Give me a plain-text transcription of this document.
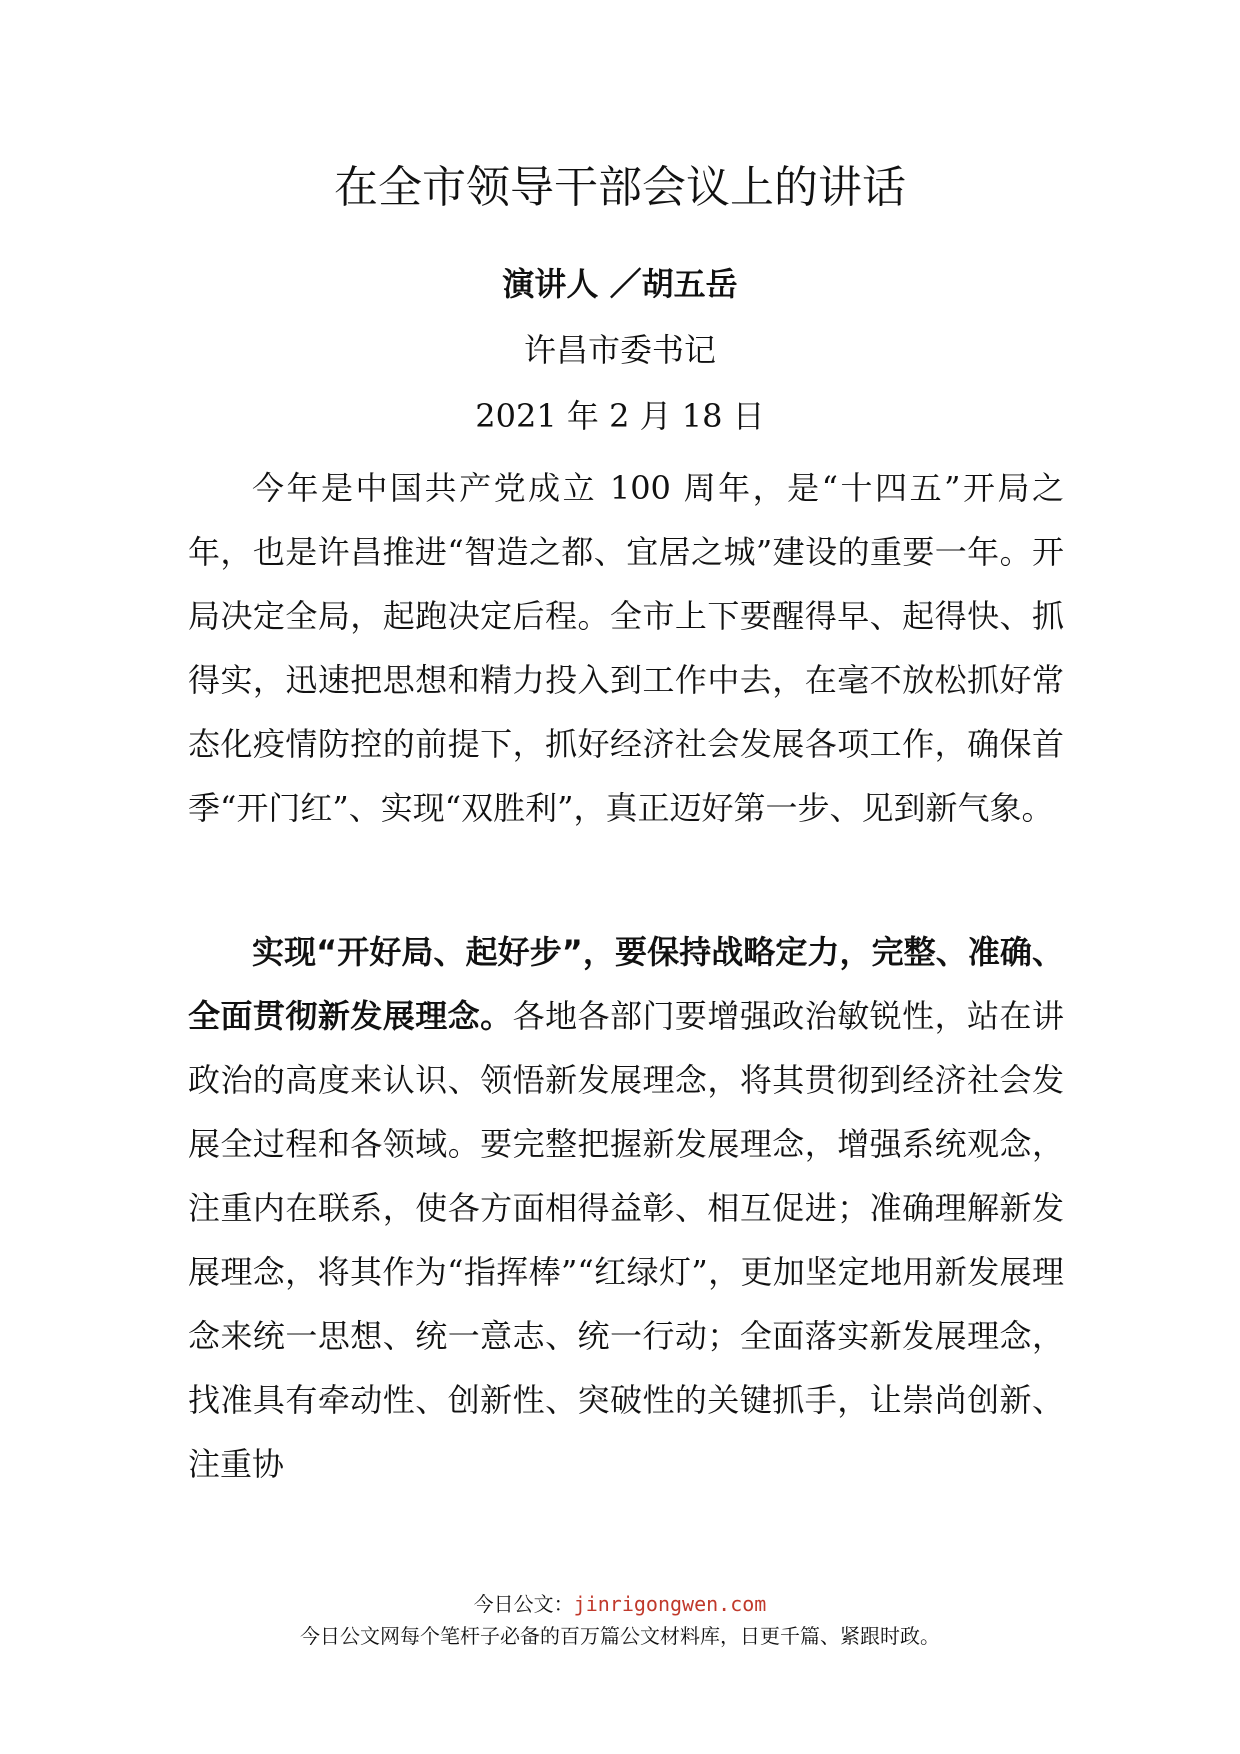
在全市领导干部会议上的讲话
演讲人 ／胡五岳
许昌市委书记
2021 年 2 月 18 日

今年是中国共产党成立 100 周年，是“十四五”开局之年，也是许昌推进“智造之都、宜居之城”建设的重要一年。开局决定全局，起跑决定后程。全市上下要醒得早、起得快、抓得实，迅速把思想和精力投入到工作中去，在毫不放松抓好常态化疫情防控的前提下，抓好经济社会发展各项工作，确保首季“开门红”、实现“双胜利”，真正迈好第一步、见到新气象。

实现“开好局、起好步”，要保持战略定力，完整、准确、全面贯彻新发展理念。各地各部门要增强政治敏锐性，站在讲政治的高度来认识、领悟新发展理念，将其贯彻到经济社会发展全过程和各领域。要完整把握新发展理念，增强系统观念，注重内在联系，使各方面相得益彰、相互促进；准确理解新发展理念，将其作为“指挥棒”“红绿灯”，更加坚定地用新发展理念来统一思想、统一意志、统一行动；全面落实新发展理念，找准具有牵动性、创新性、突破性的关键抓手，让崇尚创新、注重协

今日公文：jinrigongwen.com
今日公文网每个笔杆子必备的百万篇公文材料库，日更千篇、紧跟时政。
